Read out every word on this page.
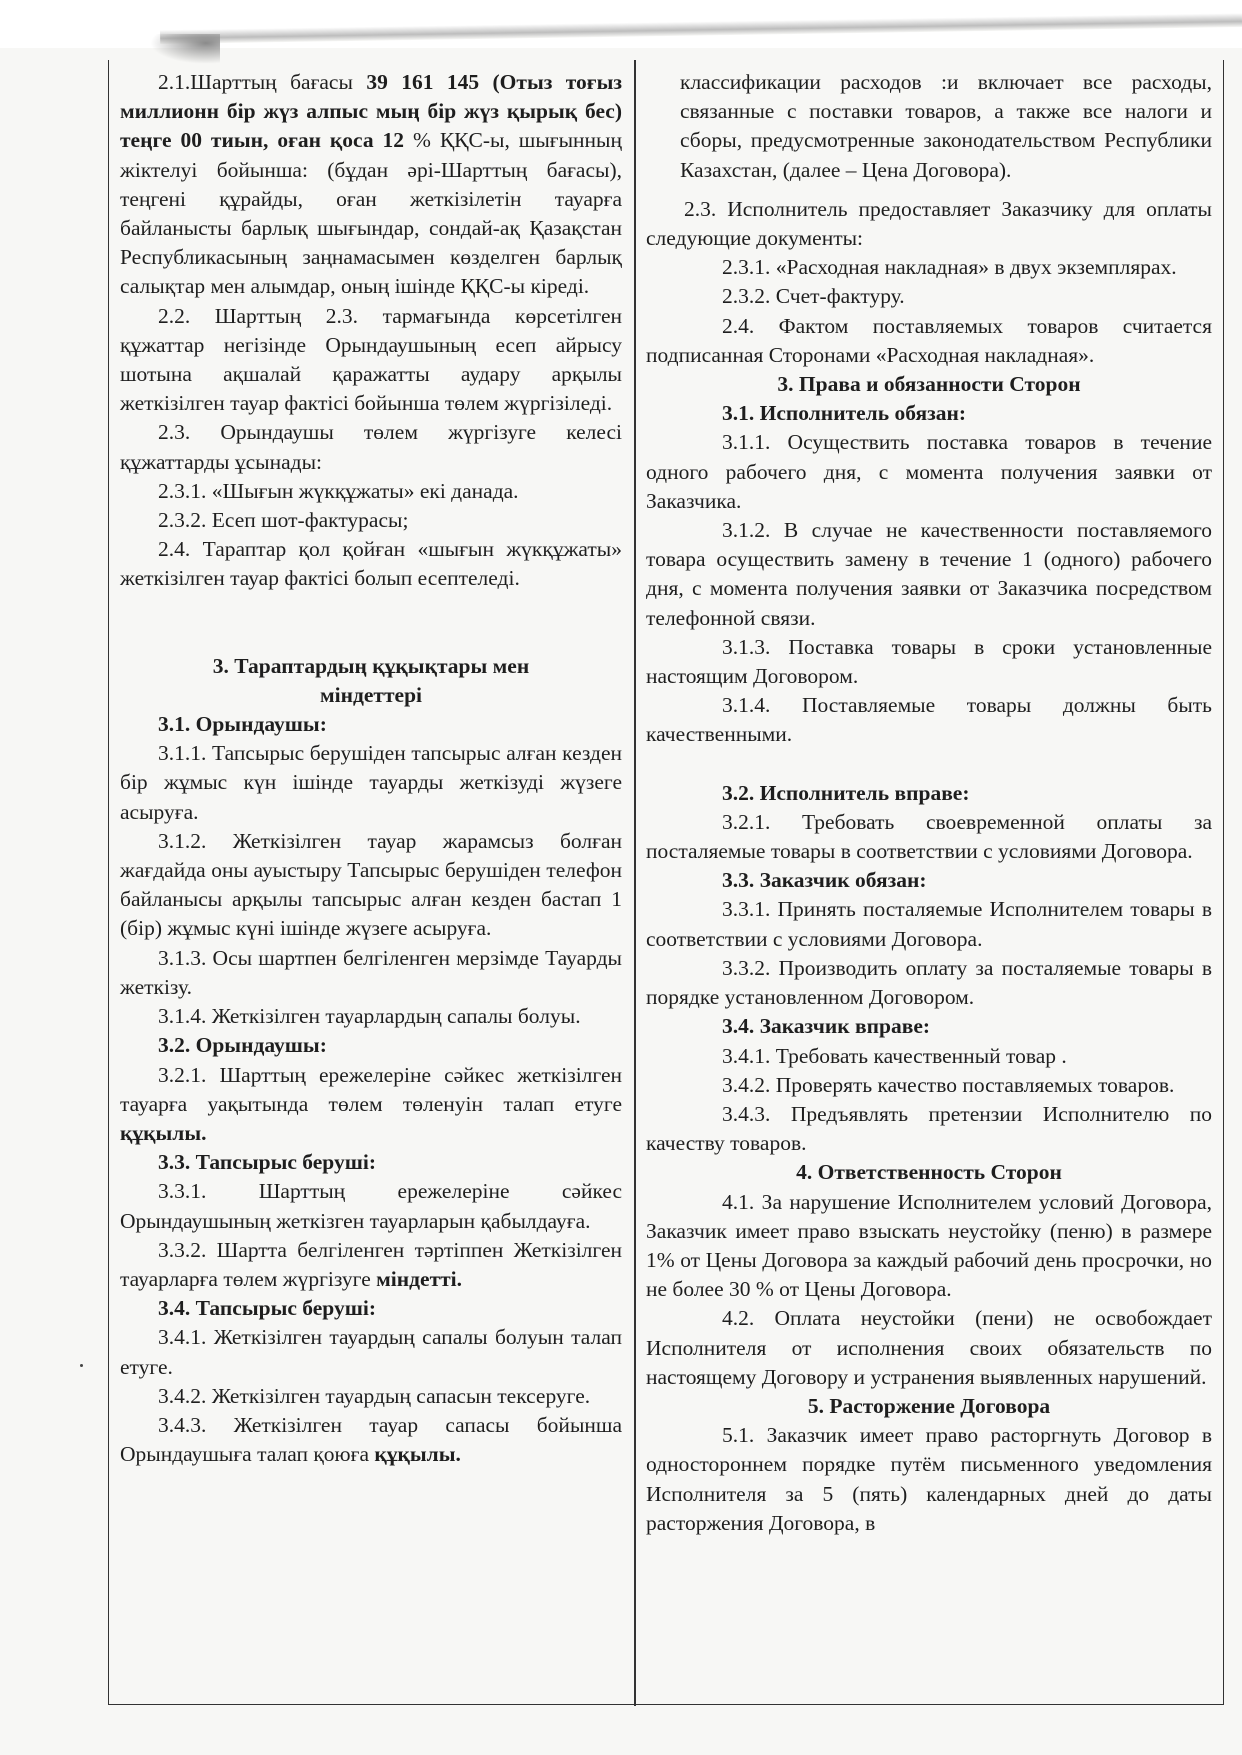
2.1.Шарттың бағасы 39 161 145 (Отыз тоғыз миллионн бір жүз алпыс мың бір жүз қырық бес) теңге 00 тиын, оған қоса 12 % ҚҚС-ы, шығынның жіктелуі бойынша: (бұдан әрі-Шарттың бағасы), теңгені құрайды, оған жеткізілетін тауарға байланысты барлық шығындар, сондай-ақ Қазақстан Республикасының заңнамасымен көзделген барлық салықтар мен алымдар, оның ішінде ҚҚС-ы кіреді.

2.2. Шарттың 2.3. тармағында көрсетілген құжаттар негізінде Орындаушының есеп айрысу шотына ақшалай қаражатты аудару арқылы жеткізілген тауар фактісі бойынша төлем жүргізіледі.

2.3. Орындаушы төлем жүргізуге келесі құжаттарды ұсынады:

2.3.1. «Шығын жүкқұжаты» екі данада.

2.3.2. Есеп шот-фактурасы;

2.4. Тараптар қол қойған «шығын жүкқұжаты» жеткізілген тауар фактісі болып есептеледі.

3. Тараптардың құқықтары мен міндеттері

3.1. Орындаушы:

3.1.1. Тапсырыс берушіден тапсырыс алған кезден бір жұмыс күн ішінде тауарды жеткізуді жүзеге асыруға.

3.1.2. Жеткізілген тауар жарамсыз болған жағдайда оны ауыстыру Тапсырыс берушіден телефон байланысы арқылы тапсырыс алған кезден бастап 1 (бір) жұмыс күні ішінде жүзеге асыруға.

3.1.3. Осы шартпен белгіленген мерзімде Тауарды жеткізу.

3.1.4. Жеткізілген тауарлардың сапалы болуы.

3.2. Орындаушы:

3.2.1. Шарттың ережелеріне сәйкес жеткізілген тауарға уақытында төлем төленуін талап етуге құқылы.

3.3. Тапсырыс беруші:

3.3.1. Шарттың ережелеріне сәйкес Орындаушының жеткізген тауарларын қабылдауға.

3.3.2. Шартта белгіленген тәртіппен Жеткізілген тауарларға төлем жүргізуге міндетті.

3.4. Тапсырыс беруші:

3.4.1. Жеткізілген тауардың сапалы болуын талап етуге.

3.4.2. Жеткізілген тауардың сапасын тексеруге.

3.4.3. Жеткізілген тауар сапасы бойынша Орындаушыға талап қоюға құқылы.

классификации расходов :и включает все расходы, связанные с поставки товаров, а также все налоги и сборы, предусмотренные законодательством Республики Казахстан, (далее – Цена Договора).

2.3. Исполнитель предоставляет Заказчику для оплаты следующие документы:

2.3.1. «Расходная накладная» в двух экземплярах.

2.3.2. Счет-фактуру.

2.4. Фактом поставляемых товаров считается подписанная Сторонами «Расходная накладная».

3. Права и обязанности Сторон

3.1. Исполнитель обязан:

3.1.1. Осуществить поставка товаров в течение одного рабочего дня, с момента получения заявки от Заказчика.

3.1.2. В случае не качественности поставляемого товара осуществить замену в течение 1 (одного) рабочего дня, с момента получения заявки от Заказчика посредством телефонной связи.

3.1.3. Поставка товары в сроки установленные настоящим Договором.

3.1.4. Поставляемые товары должны быть качественными.

3.2. Исполнитель вправе:

3.2.1. Требовать своевременной оплаты за посталяемые товары в соответствии с условиями Договора.

3.3. Заказчик обязан:

3.3.1. Принять посталяемые Исполнителем товары в соответствии с условиями Договора.

3.3.2. Производить оплату за посталяемые товары в порядке установленном Договором.

3.4. Заказчик вправе:

3.4.1. Требовать качественный товар .

3.4.2. Проверять качество поставляемых товаров.

3.4.3. Предъявлять претензии Исполнителю по качеству товаров.

4. Ответственность Сторон

4.1. За нарушение Исполнителем условий Договора, Заказчик имеет право взыскать неустойку (пеню) в размере 1% от Цены Договора за каждый рабочий день просрочки, но не более 30 % от Цены Договора.

4.2. Оплата неустойки (пени) не освобождает Исполнителя от исполнения своих обязательств по настоящему Договору и устранения выявленных нарушений.

5. Расторжение Договора

5.1. Заказчик имеет право расторгнуть Договор в одностороннем порядке путём письменного уведомления Исполнителя за 5 (пять) календарных дней до даты расторжения Договора, в
